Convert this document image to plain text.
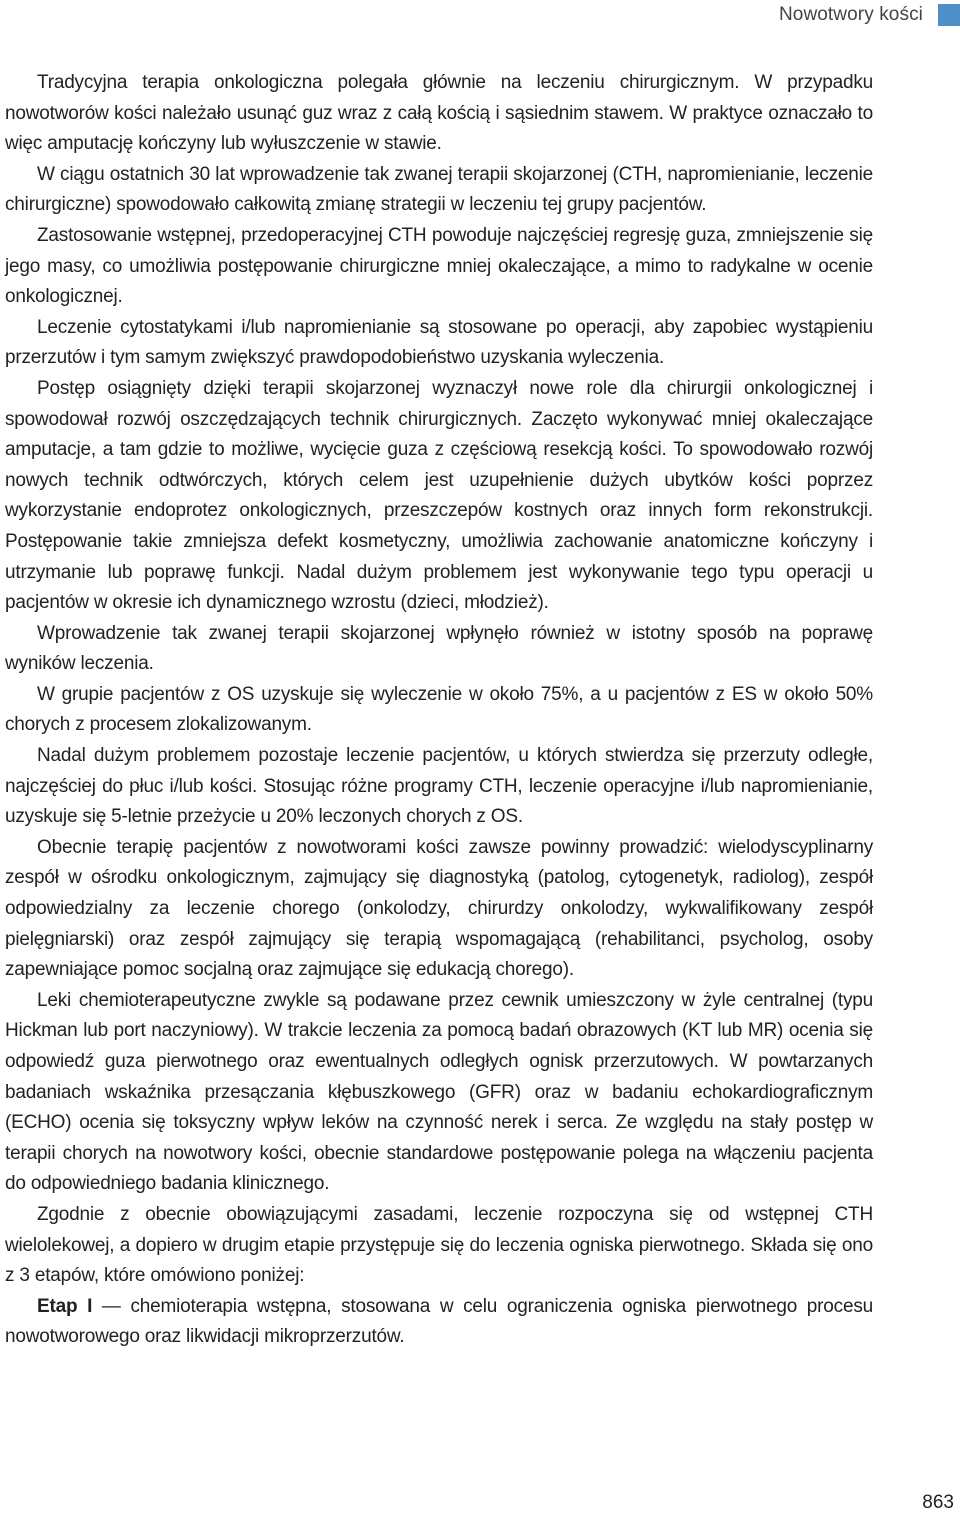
Nowotwory kości

Tradycyjna terapia onkologiczna polegała głównie na leczeniu chirurgicznym. W przypadku nowotworów kości należało usunąć guz wraz z całą kością i sąsiednim stawem. W praktyce oznaczało to więc amputację kończyny lub wyłuszczenie w stawie.

W ciągu ostatnich 30 lat wprowadzenie tak zwanej terapii skojarzonej (CTH, napromienianie, leczenie chirurgiczne) spowodowało całkowitą zmianę strategii w leczeniu tej grupy pacjentów.

Zastosowanie wstępnej, przedoperacyjnej CTH powoduje najczęściej regresję guza, zmniejszenie się jego masy, co umożliwia postępowanie chirurgiczne mniej okaleczające, a mimo to radykalne w ocenie onkologicznej.

Leczenie cytostatykami i/lub napromienianie są stosowane po operacji, aby zapobiec wystąpieniu przerzutów i tym samym zwiększyć prawdopodobieństwo uzyskania wyleczenia.

Postęp osiągnięty dzięki terapii skojarzonej wyznaczył nowe role dla chirurgii onkologicznej i spowodował rozwój oszczędzających technik chirurgicznych. Zaczęto wykonywać mniej okaleczające amputacje, a tam gdzie to możliwe, wycięcie guza z częściową resekcją kości. To spowodowało rozwój nowych technik odtwórczych, których celem jest uzupełnienie dużych ubytków kości poprzez wykorzystanie endoprotez onkologicznych, przeszczepów kostnych oraz innych form rekonstrukcji. Postępowanie takie zmniejsza defekt kosmetyczny, umożliwia zachowanie anatomiczne kończyny i utrzymanie lub poprawę funkcji. Nadal dużym problemem jest wykonywanie tego typu operacji u pacjentów w okresie ich dynamicznego wzrostu (dzieci, młodzież).

Wprowadzenie tak zwanej terapii skojarzonej wpłynęło również w istotny sposób na poprawę wyników leczenia.

W grupie pacjentów z OS uzyskuje się wyleczenie w około 75%, a u pacjentów z ES w około 50% chorych z procesem zlokalizowanym.

Nadal dużym problemem pozostaje leczenie pacjentów, u których stwierdza się przerzuty odległe, najczęściej do płuc i/lub kości. Stosując różne programy CTH, leczenie operacyjne i/lub napromienianie, uzyskuje się 5-letnie przeżycie u 20% leczonych chorych z OS.

Obecnie terapię pacjentów z nowotworami kości zawsze powinny prowadzić: wielodyscyplinarny zespół w ośrodku onkologicznym, zajmujący się diagnostyką (patolog, cytogenetyk, radiolog), zespół odpowiedzialny za leczenie chorego (onkolodzy, chirurdzy onkolodzy, wykwalifikowany zespół pielęgniarski) oraz zespół zajmujący się terapią wspomagającą (rehabilitanci, psycholog, osoby zapewniające pomoc socjalną oraz zajmujące się edukacją chorego).

Leki chemioterapeutyczne zwykle są podawane przez cewnik umieszczony w żyle centralnej (typu Hickman lub port naczyniowy). W trakcie leczenia za pomocą badań obrazowych (KT lub MR) ocenia się odpowiedź guza pierwotnego oraz ewentualnych odległych ognisk przerzutowych. W powtarzanych badaniach wskaźnika przesączania kłębuszkowego (GFR) oraz w badaniu echokardiograficznym (ECHO) ocenia się toksyczny wpływ leków na czynność nerek i serca. Ze względu na stały postęp w terapii chorych na nowotwory kości, obecnie standardowe postępowanie polega na włączeniu pacjenta do odpowiedniego badania klinicznego.

Zgodnie z obecnie obowiązującymi zasadami, leczenie rozpoczyna się od wstępnej CTH wielolekowej, a dopiero w drugim etapie przystępuje się do leczenia ogniska pierwotnego. Składa się ono z 3 etapów, które omówiono poniżej:

Etap I — chemioterapia wstępna, stosowana w celu ograniczenia ogniska pierwotnego procesu nowotworowego oraz likwidacji mikroprzerzutów.

863
